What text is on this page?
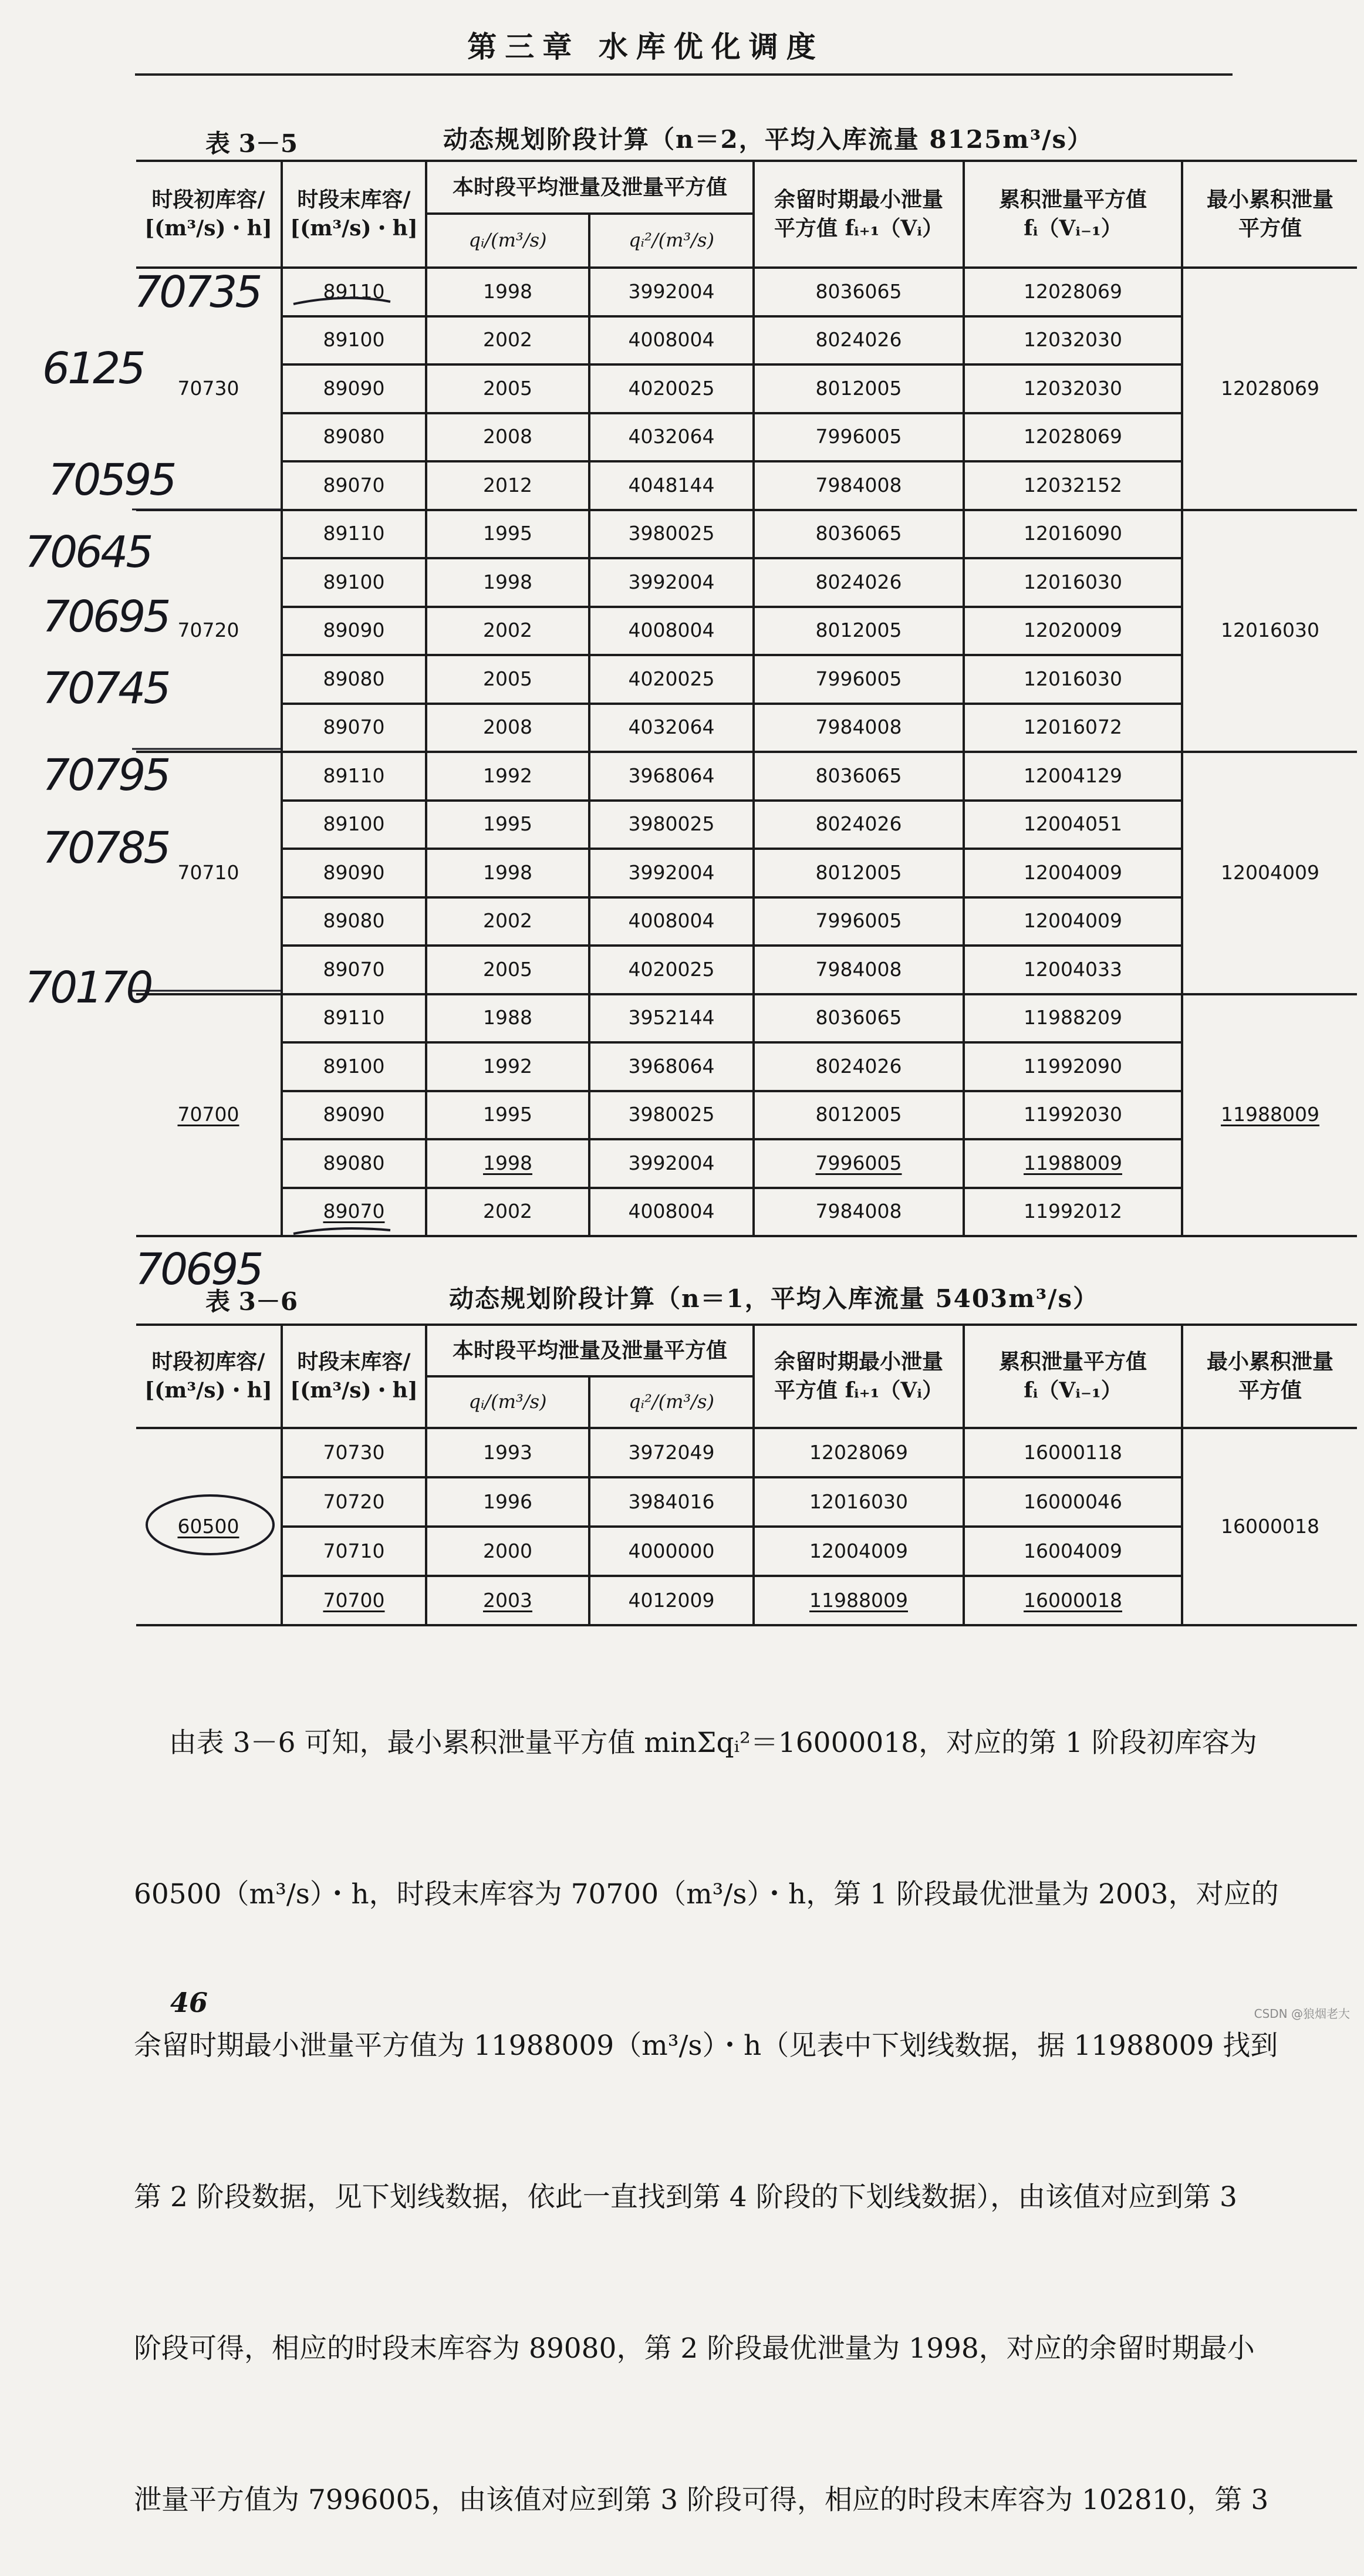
第三章 水库优化调度
表 3－5	动态规划阶段计算（n＝2，平均入库流量 8125m³/s）
时段初库容/
[(m³/s)・h]	时段末库容/
[(m³/s)・h]	本时段平均泄量及泄量平方值		余留时期最小泄量
平方值 fᵢ₊₁（Vᵢ）	累积泄量平方值
fᵢ（Vᵢ₋₁）	最小累积泄量
平方值
		qᵢ/(m³/s)	qᵢ²/(m³/s)			
70730	89110	1998	3992004	8036065	12028069	12028069
	89100	2002	4008004	8024026	12032030	
	89090	2005	4020025	8012005	12032030	
	89080	2008	4032064	7996005	12028069	
	89070	2012	4048144	7984008	12032152	
70720	89110	1995	3980025	8036065	12016090	12016030
	89100	1998	3992004	8024026	12016030	
	89090	2002	4008004	8012005	12020009	
	89080	2005	4020025	7996005	12016030	
	89070	2008	4032064	7984008	12016072	
70710	89110	1992	3968064	8036065	12004129	12004009
	89100	1995	3980025	8024026	12004051	
	89090	1998	3992004	8012005	12004009	
	89080	2002	4008004	7996005	12004009	
	89070	2005	4020025	7984008	12004033	
70700	89110	1988	3952144	8036065	11988209	11988009
	89100	1992	3968064	8024026	11992090	
	89090	1995	3980025	8012005	11992030	
	89080	1998	3992004	7996005	11988009	
	89070	2002	4008004	7984008	11992012	
表 3－6	动态规划阶段计算（n＝1，平均入库流量 5403m³/s）
时段初库容/
[(m³/s)・h]	时段末库容/
[(m³/s)・h]	本时段平均泄量及泄量平方值		余留时期最小泄量
平方值 fᵢ₊₁（Vᵢ）	累积泄量平方值
fᵢ（Vᵢ₋₁）	最小累积泄量
平方值
		qᵢ/(m³/s)	qᵢ²/(m³/s)			
60500	70730	1993	3972049	12028069	16000118	16000018
	70720	1996	3984016	12016030	16000046	
	70710	2000	4000000	12004009	16004009	
	70700	2003	4012009	11988009	16000018	

由表 3－6 可知，最小累积泄量平方值 minΣqᵢ²＝16000018，对应的第 1 阶段初库容为

60500（m³/s）・h，时段末库容为 70700（m³/s）・h，第 1 阶段最优泄量为 2003，对应的

余留时期最小泄量平方值为 11988009（m³/s）・h（见表中下划线数据，据 11988009 找到

第 2 阶段数据，见下划线数据，依此一直找到第 4 阶段的下划线数据），由该值对应到第 3

阶段可得，相应的时段末库容为 89080，第 2 阶段最优泄量为 1998，对应的余留时期最小

泄量平方值为 7996005，由该值对应到第 3 阶段可得，相应的时段末库容为 102810，第 3

46
70735
6125
70595
70645
70695
70745
70795
70785
70170
70695
CSDN @狼烟老大
